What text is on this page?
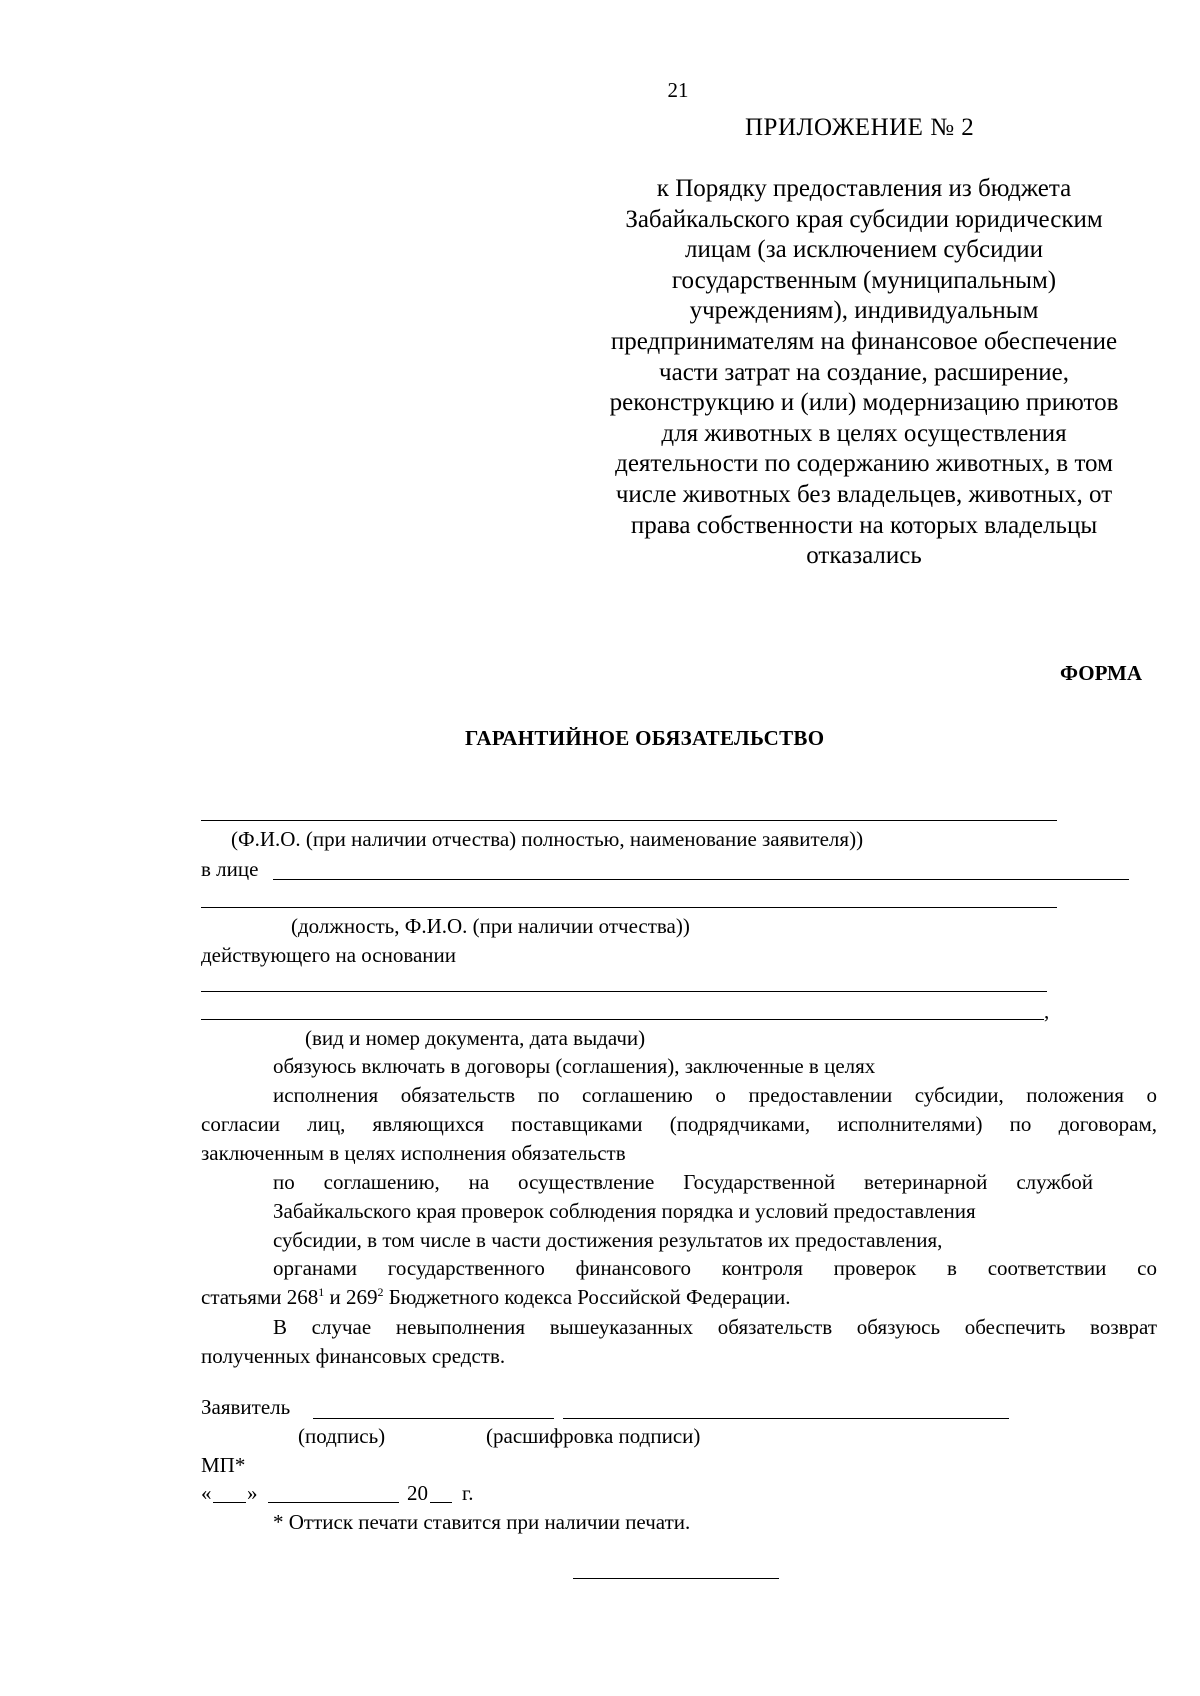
21
ПРИЛОЖЕНИЕ № 2
к Порядку предоставления из бюджета Забайкальского края субсидии юридическим лицам (за исключением субсидии государственным (муниципальным) учреждениям), индивидуальным предпринимателям на финансовое обеспечение части затрат на создание, расширение, реконструкцию и (или) модернизацию приютов для животных в целях осуществления деятельности по содержанию животных, в том числе животных без владельцев, животных, от права собственности на которых владельцы отказались
ФОРМА
ГАРАНТИЙНОЕ ОБЯЗАТЕЛЬСТВО
(Ф.И.О. (при наличии отчества) полностью, наименование заявителя))
в лице
(должность, Ф.И.О. (при наличии отчества))
действующего на основании
,
(вид и номер документа, дата выдачи)
обязуюсь включать в договоры (соглашения), заключенные в целях
исполнения обязательств по соглашению о предоставлении субсидии, положения о
согласии лиц, являющихся поставщиками (подрядчиками, исполнителями) по договорам,
заключенным в целях исполнения обязательств
по соглашению, на осуществление Государственной ветеринарной службой
Забайкальского края проверок соблюдения порядка и условий предоставления
субсидии, в том числе в части достижения результатов их предоставления,
органами государственного финансового контроля проверок в соответствии со
статьями $268^1$ и $269^2$ Бюджетного кодекса Российской Федерации.
В случае невыполнения вышеуказанных обязательств обязуюсь обеспечить возврат
полученных финансовых средств.
Заявитель
(подпись)	(расшифровка подписи)
МП*
« »	20 г.
* Оттиск печати ставится при наличии печати.
